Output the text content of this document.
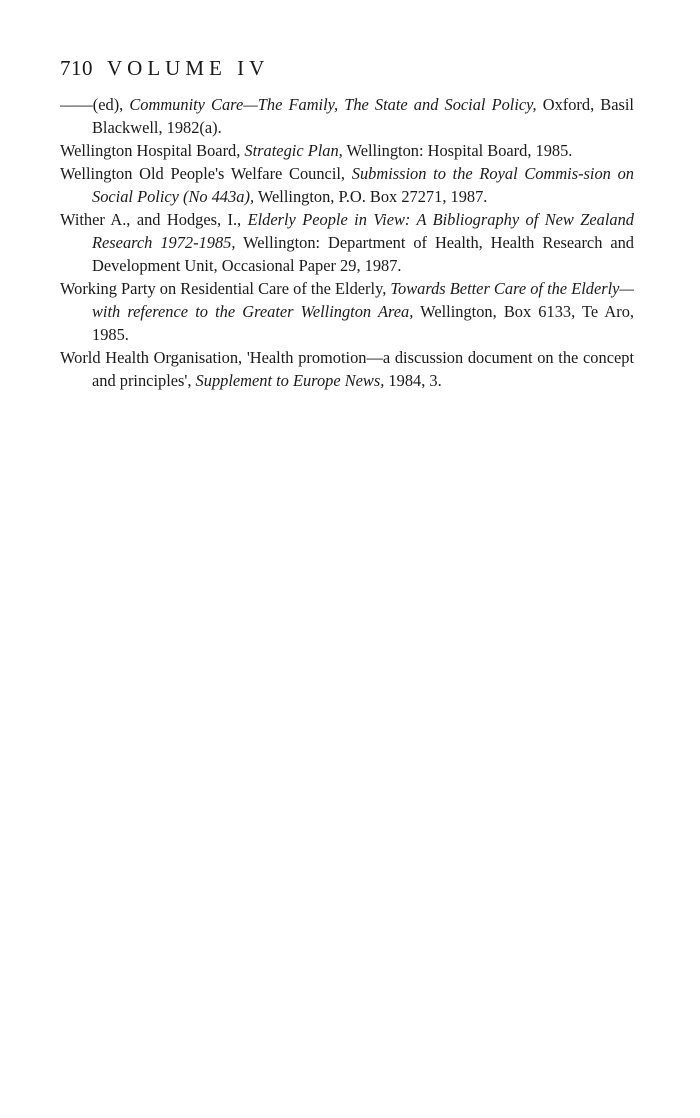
710 VOLUME IV

——(ed), Community Care—The Family, The State and Social Policy, Oxford, Basil Blackwell, 1982(a).

Wellington Hospital Board, Strategic Plan, Wellington: Hospital Board, 1985.

Wellington Old People's Welfare Council, Submission to the Royal Commis-sion on Social Policy (No 443a), Wellington, P.O. Box 27271, 1987.

Wither A., and Hodges, I., Elderly People in View: A Bibliography of New Zealand Research 1972-1985, Wellington: Department of Health, Health Research and Development Unit, Occasional Paper 29, 1987.

Working Party on Residential Care of the Elderly, Towards Better Care of the Elderly—with reference to the Greater Wellington Area, Wellington, Box 6133, Te Aro, 1985.

World Health Organisation, 'Health promotion—a discussion document on the concept and principles', Supplement to Europe News, 1984, 3.
